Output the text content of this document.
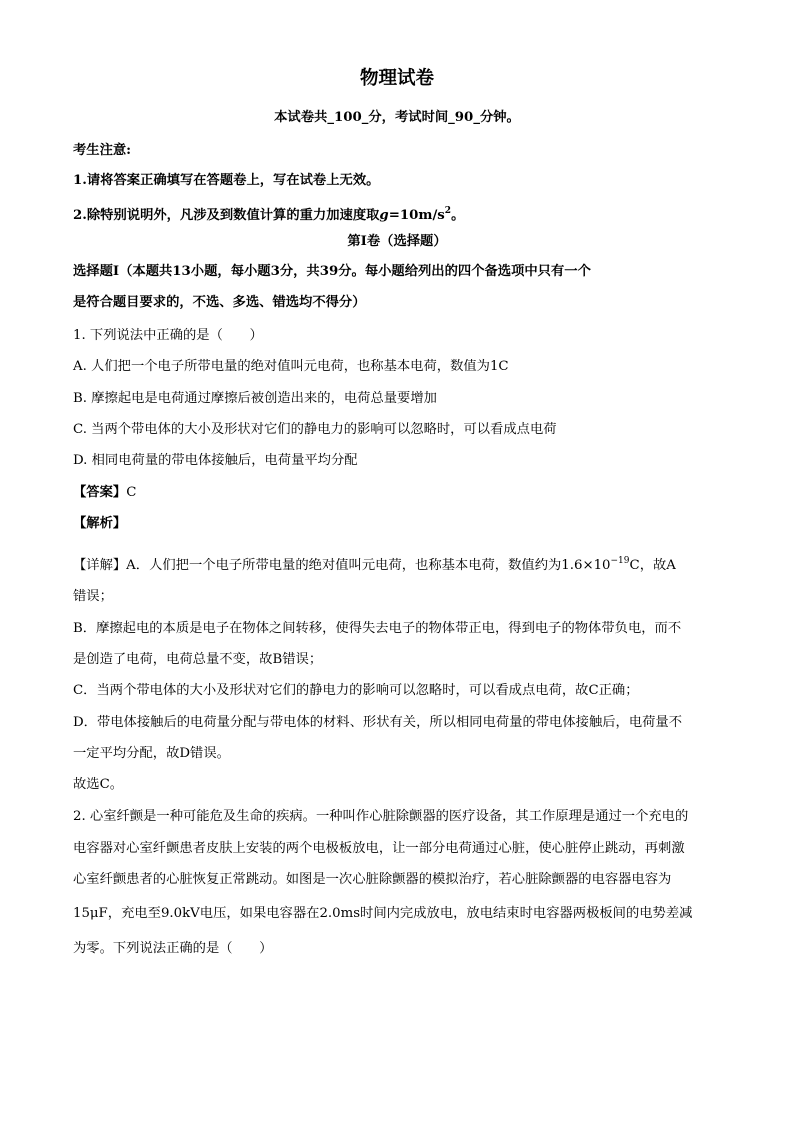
物理试卷
本试卷共_100_分，考试时间_90_分钟。
考生注意:
1.请将答案正确填写在答题卷上，写在试卷上无效。
2.除特别说明外，凡涉及到数值计算的重力加速度取$g=10m/s^2$。
第Ⅰ卷（选择题）
选择题Ⅰ（本题共13小题，每小题3分，共39分。每小题给列出的四个备选项中只有一个
是符合题目要求的，不选、多选、错选均不得分）
1. 下列说法中正确的是（　　）
A. 人们把一个电子所带电量的绝对值叫元电荷，也称基本电荷，数值为1C
B. 摩擦起电是电荷通过摩擦后被创造出来的，电荷总量要增加
C. 当两个带电体的大小及形状对它们的静电力的影响可以忽略时，可以看成点电荷
D. 相同电荷量的带电体接触后，电荷量平均分配
【答案】C
【解析】
【详解】A．人们把一个电子所带电量的绝对值叫元电荷，也称基本电荷，数值约为$1.6\times 10^{-19}C$，故A
错误；
B．摩擦起电的本质是电子在物体之间转移，使得失去电子的物体带正电，得到电子的物体带负电，而不
是创造了电荷，电荷总量不变，故B错误；
C．当两个带电体的大小及形状对它们的静电力的影响可以忽略时，可以看成点电荷，故C正确；
D．带电体接触后的电荷量分配与带电体的材料、形状有关，所以相同电荷量的带电体接触后，电荷量不
一定平均分配，故D错误。
故选C。
2. 心室纤颤是一种可能危及生命的疾病。一种叫作心脏除颤器的医疗设备，其工作原理是通过一个充电的
电容器对心室纤颤患者皮肤上安装的两个电极板放电，让一部分电荷通过心脏，使心脏停止跳动，再刺激
心室纤颤患者的心脏恢复正常跳动。如图是一次心脏除颤器的模拟治疗，若心脏除颤器的电容器电容为
15μF，充电至9.0kV电压，如果电容器在2.0ms时间内完成放电，放电结束时电容器两极板间的电势差减
为零。下列说法正确的是（　　）
